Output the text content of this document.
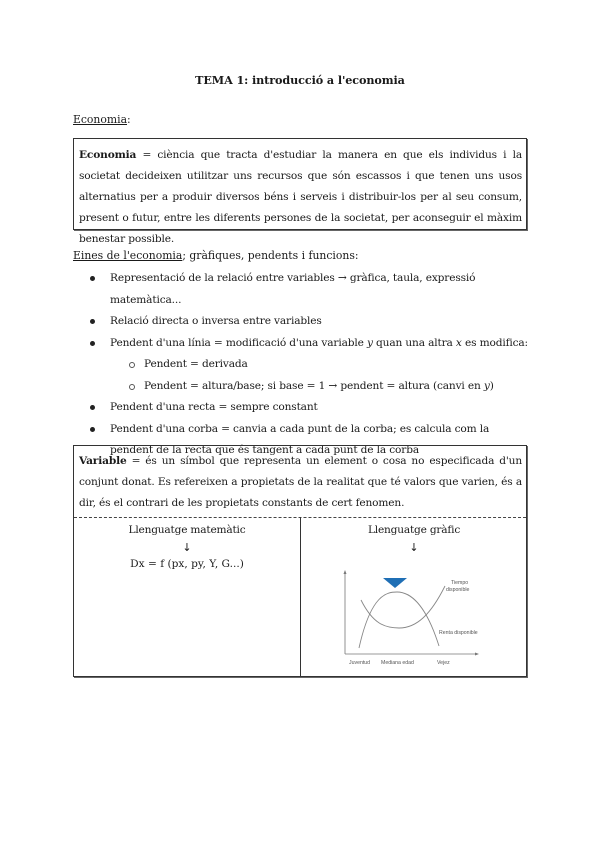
TEMA 1: introducció a l'economia
Economia:
Economia = ciència que tracta d'estudiar la manera en que els individus i la societat decideixen utilitzar uns recursos que són escassos i que tenen uns usos alternatius per a produir diversos béns i serveis i distribuir-los per al seu consum, present o futur, entre les diferents persones de la societat, per aconseguir el màxim benestar possible.
Eines de l'economia; gràfiques, pendents i funcions:
Representació de la relació entre variables → gràfica, taula, expressió matemàtica...
Relació directa o inversa entre variables
Pendent d'una línia = modificació d'una variable y quan una altra x es modifica:
Pendent = derivada
Pendent = altura/base; si base = 1 → pendent = altura (canvi en y)
Pendent d'una recta = sempre constant
Pendent d'una corba = canvia a cada punt de la corba; es calcula com la pendent de la recta que és tangent a cada punt de la corba
Variable = és un símbol que representa un element o cosa no especificada d'un conjunt donat. Es refereixen a propietats de la realitat que té valors que varien, és a dir, és el contrari de les propietats constants de cert fenomen.
Llenguatge matemàtic
↓
Dx = f (px, py, Y, G...)
Llenguatge gràfic
↓
Tiempo
disponible
Renta disponible
Juventud Mediana edad	Vejez
